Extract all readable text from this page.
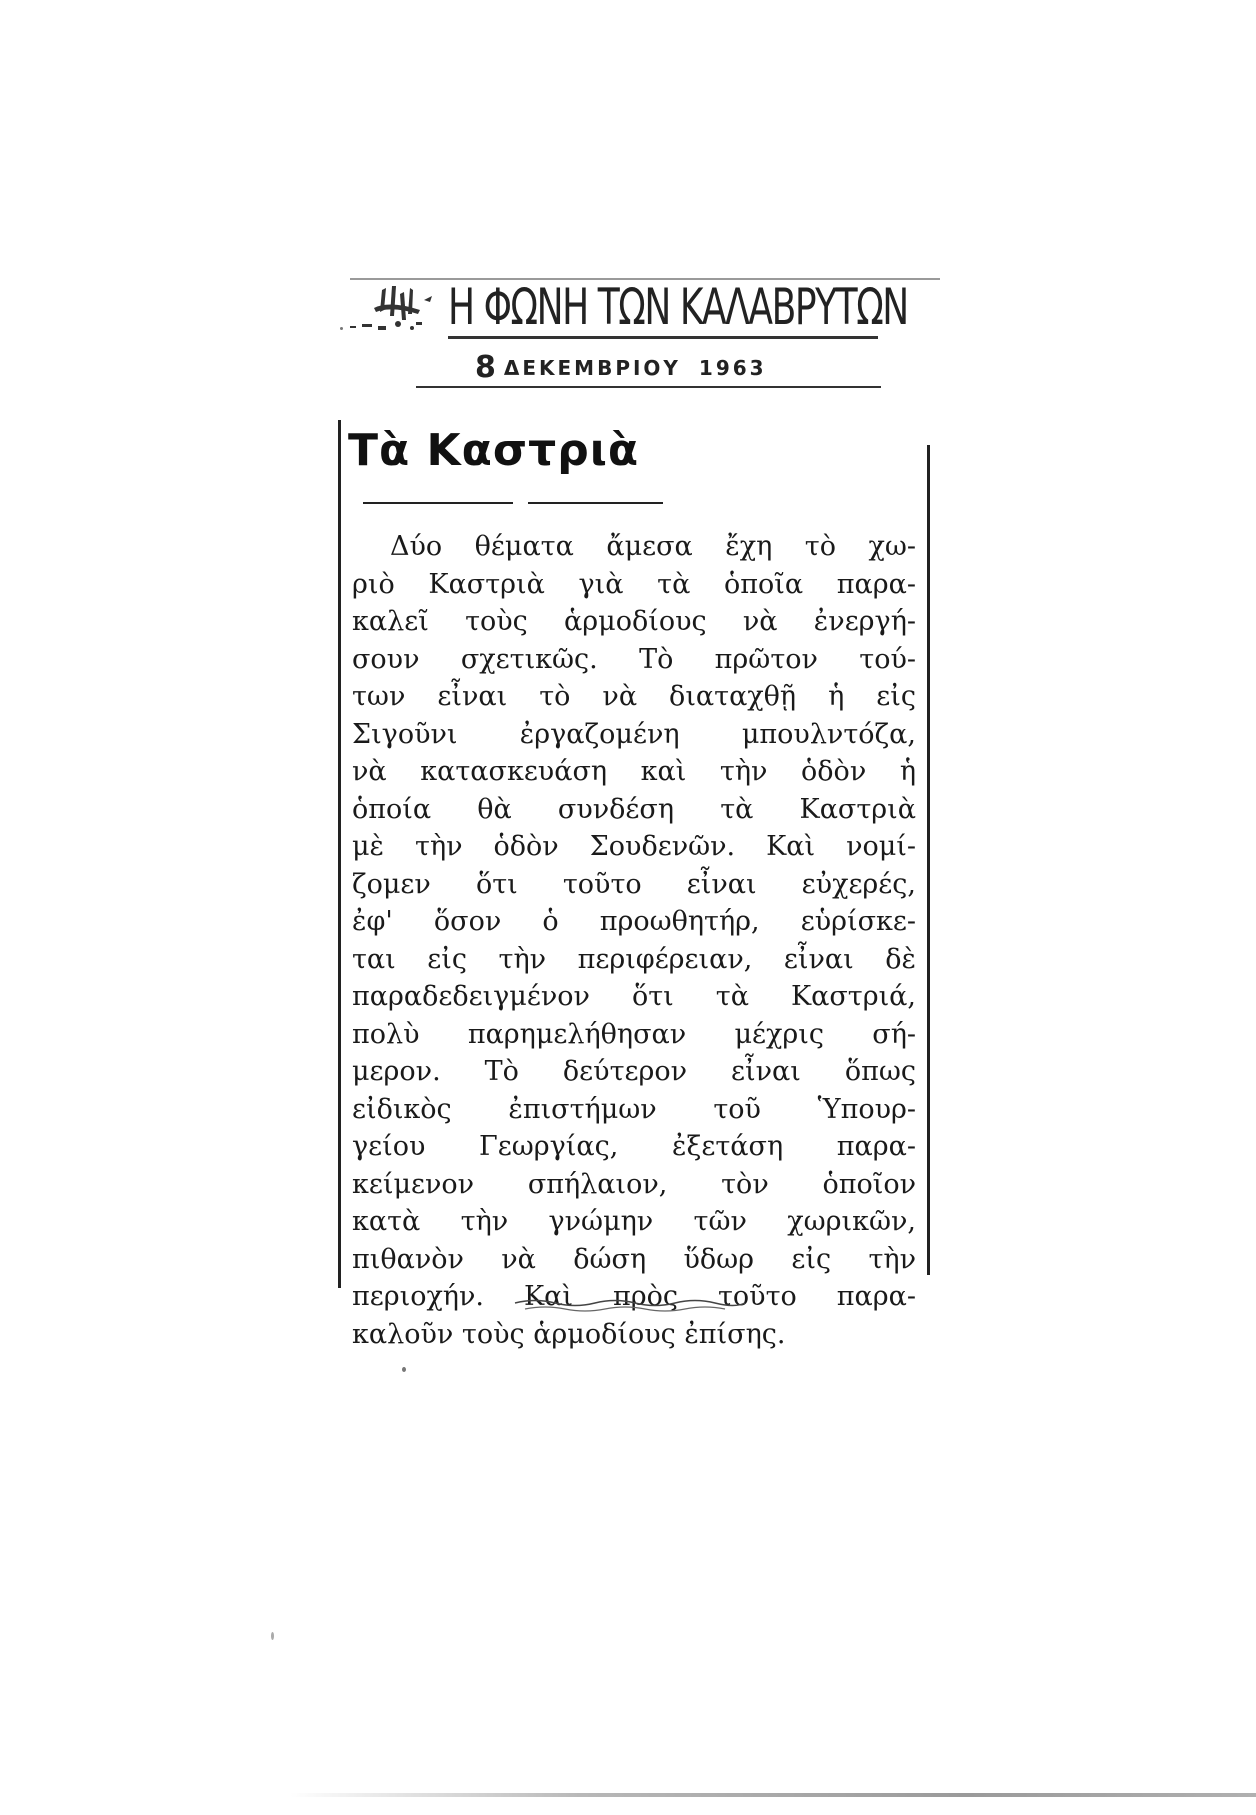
Η ΦΩΝΗ ΤΩΝ ΚΑΛΑΒΡΥΤΩΝ
8 ΔΕΚΕΜΒΡΙΟΥ 1963
Τὰ Καστριὰ
Δύο θέματα ἄμεσα ἔχη τὸ χω-
ριὸ Καστριὰ γιὰ τὰ ὁποῖα παρα-
καλεῖ τοὺς ἁρμοδίους νὰ ἐνεργή-
σουν σχετικῶς. Τὸ πρῶτον τού-
των εἶναι τὸ νὰ διαταχθῇ ἡ εἰς
Σιγοῦνι ἐργαζομένη μπουλντόζα,
νὰ κατασκευάση καὶ τὴν ὁδὸν ἡ
ὁποία θὰ συνδέση τὰ Καστριὰ
μὲ τὴν ὁδὸν Σουδενῶν. Καὶ νομί-
ζομεν ὅτι τοῦτο εἶναι εὐχερές,
ἐφ' ὅσον ὁ προωθητήρ, εὑρίσκε-
ται εἰς τὴν περιφέρειαν, εἶναι δὲ
παραδεδειγμένον ὅτι τὰ Καστριά,
πολὺ παρημελήθησαν μέχρις σή-
μερον. Τὸ δεύτερον εἶναι ὅπως
εἰδικὸς ἐπιστήμων τοῦ Ὑπουρ-
γείου Γεωργίας, ἐξετάση παρα-
κείμενον σπήλαιον, τὸν ὁποῖον
κατὰ τὴν γνώμην τῶν χωρικῶν,
πιθανὸν νὰ δώση ὕδωρ εἰς τὴν
περιοχήν. Καὶ πρὸς τοῦτο παρα-
καλοῦν τοὺς ἁρμοδίους ἐπίσης.
